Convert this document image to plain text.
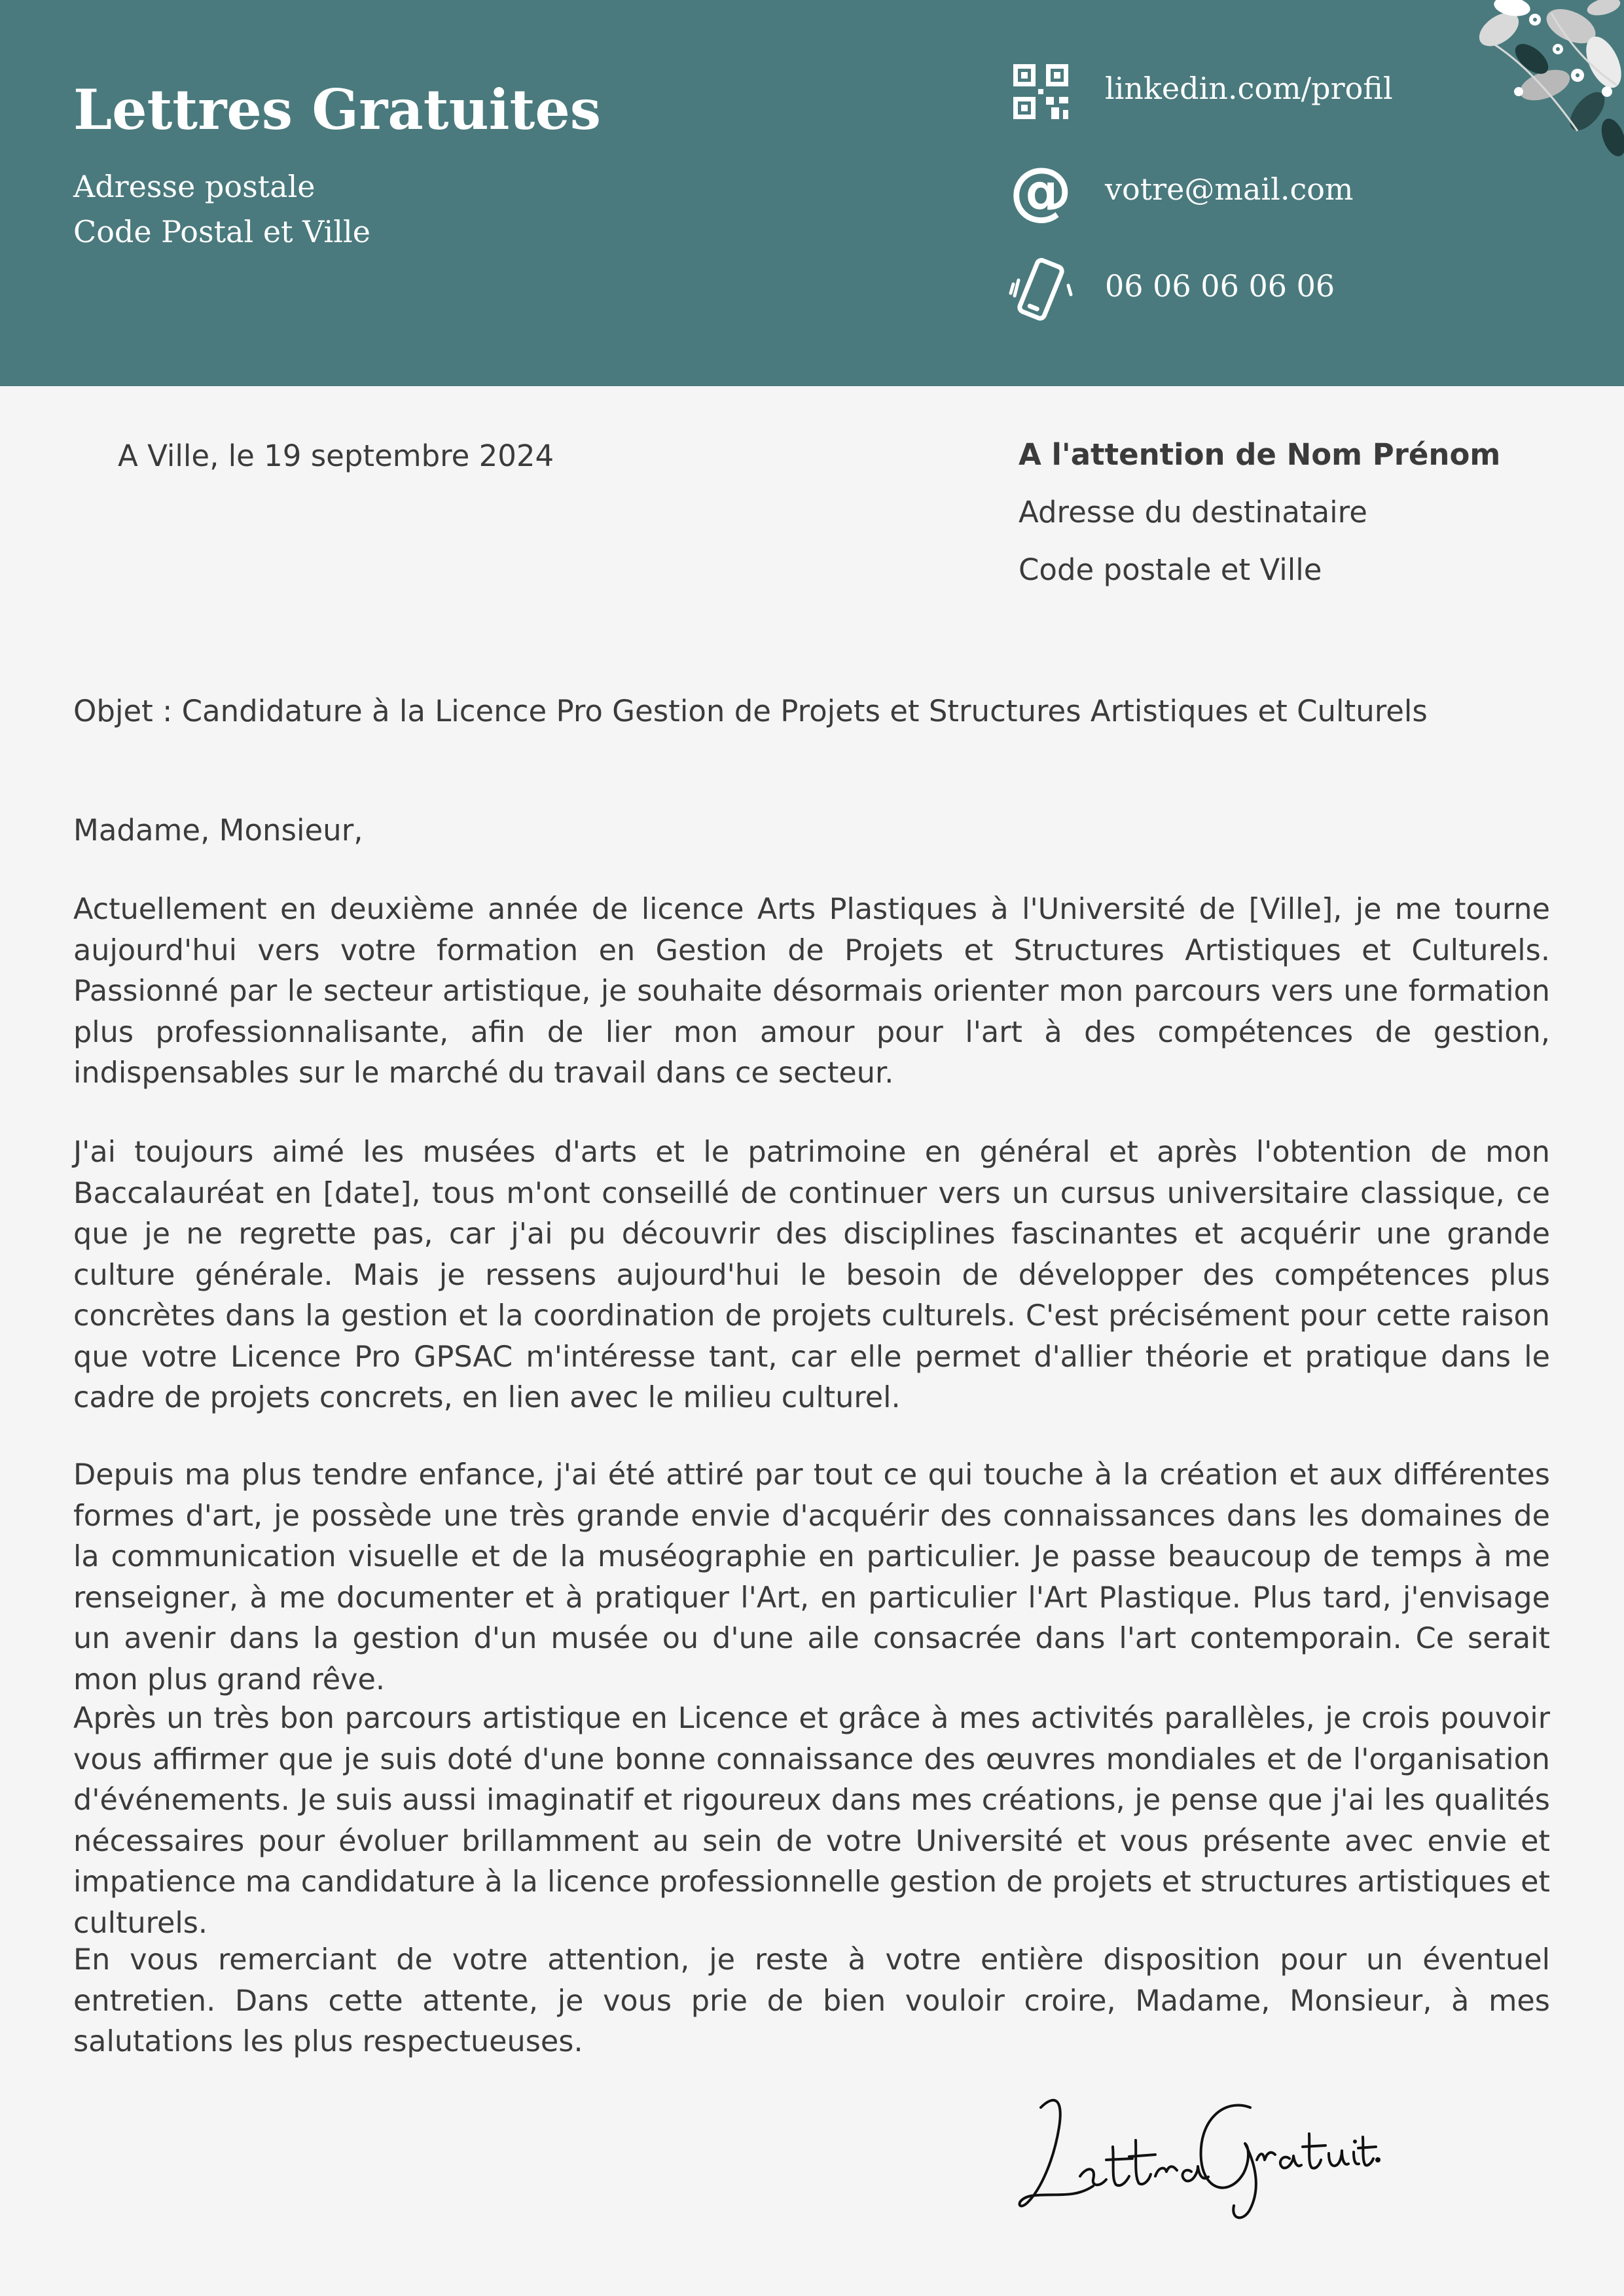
Lettres Gratuites
Adresse postale
Code Postal et Ville
linkedin.com/profil
@ votre@mail.com
06 06 06 06 06
A Ville, le 19 septembre 2024	A l'attention de Nom Prénom
Adresse du destinataire
Code postale et Ville
Objet : Candidature à la Licence Pro Gestion de Projets et Structures Artistiques et Culturels
Madame, Monsieur,

Actuellement en deuxième année de licence Arts Plastiques à l'Université de [Ville], je me tourne aujourd'hui vers votre formation en Gestion de Projets et Structures Artistiques et Culturels. Passionné par le secteur artistique, je souhaite désormais orienter mon parcours vers une formation plus professionnalisante, afin de lier mon amour pour l'art à des compétences de gestion, indispensables sur le marché du travail dans ce secteur.

J'ai toujours aimé les musées d'arts et le patrimoine en général et après l'obtention de mon Baccalauréat en [date], tous m'ont conseillé de continuer vers un cursus universitaire classique, ce que je ne regrette pas, car j'ai pu découvrir des disciplines fascinantes et acquérir une grande culture générale. Mais je ressens aujourd'hui le besoin de développer des compétences plus concrètes dans la gestion et la coordination de projets culturels. C'est précisément pour cette raison que votre Licence Pro GPSAC m'intéresse tant, car elle permet d'allier théorie et pratique dans le cadre de projets concrets, en lien avec le milieu culturel.

Depuis ma plus tendre enfance, j'ai été attiré par tout ce qui touche à la création et aux différentes formes d'art, je possède une très grande envie d'acquérir des connaissances dans les domaines de la communication visuelle et de la muséographie en particulier. Je passe beaucoup de temps à me renseigner, à me documenter et à pratiquer l'Art, en particulier l'Art Plastique. Plus tard, j'envisage un avenir dans la gestion d'un musée ou d'une aile consacrée dans l'art contemporain. Ce serait mon plus grand rêve.

Après un très bon parcours artistique en Licence et grâce à mes activités parallèles, je crois pouvoir vous affirmer que je suis doté d'une bonne connaissance des œuvres mondiales et de l'organisation d'événements. Je suis aussi imaginatif et rigoureux dans mes créations, je pense que j'ai les qualités nécessaires pour évoluer brillamment au sein de votre Université et vous présente avec envie et impatience ma candidature à la licence professionnelle gestion de projets et structures artistiques et culturels.

En vous remerciant de votre attention, je reste à votre entière disposition pour un éventuel entretien. Dans cette attente, je vous prie de bien vouloir croire, Madame, Monsieur, à mes salutations les plus respectueuses.
